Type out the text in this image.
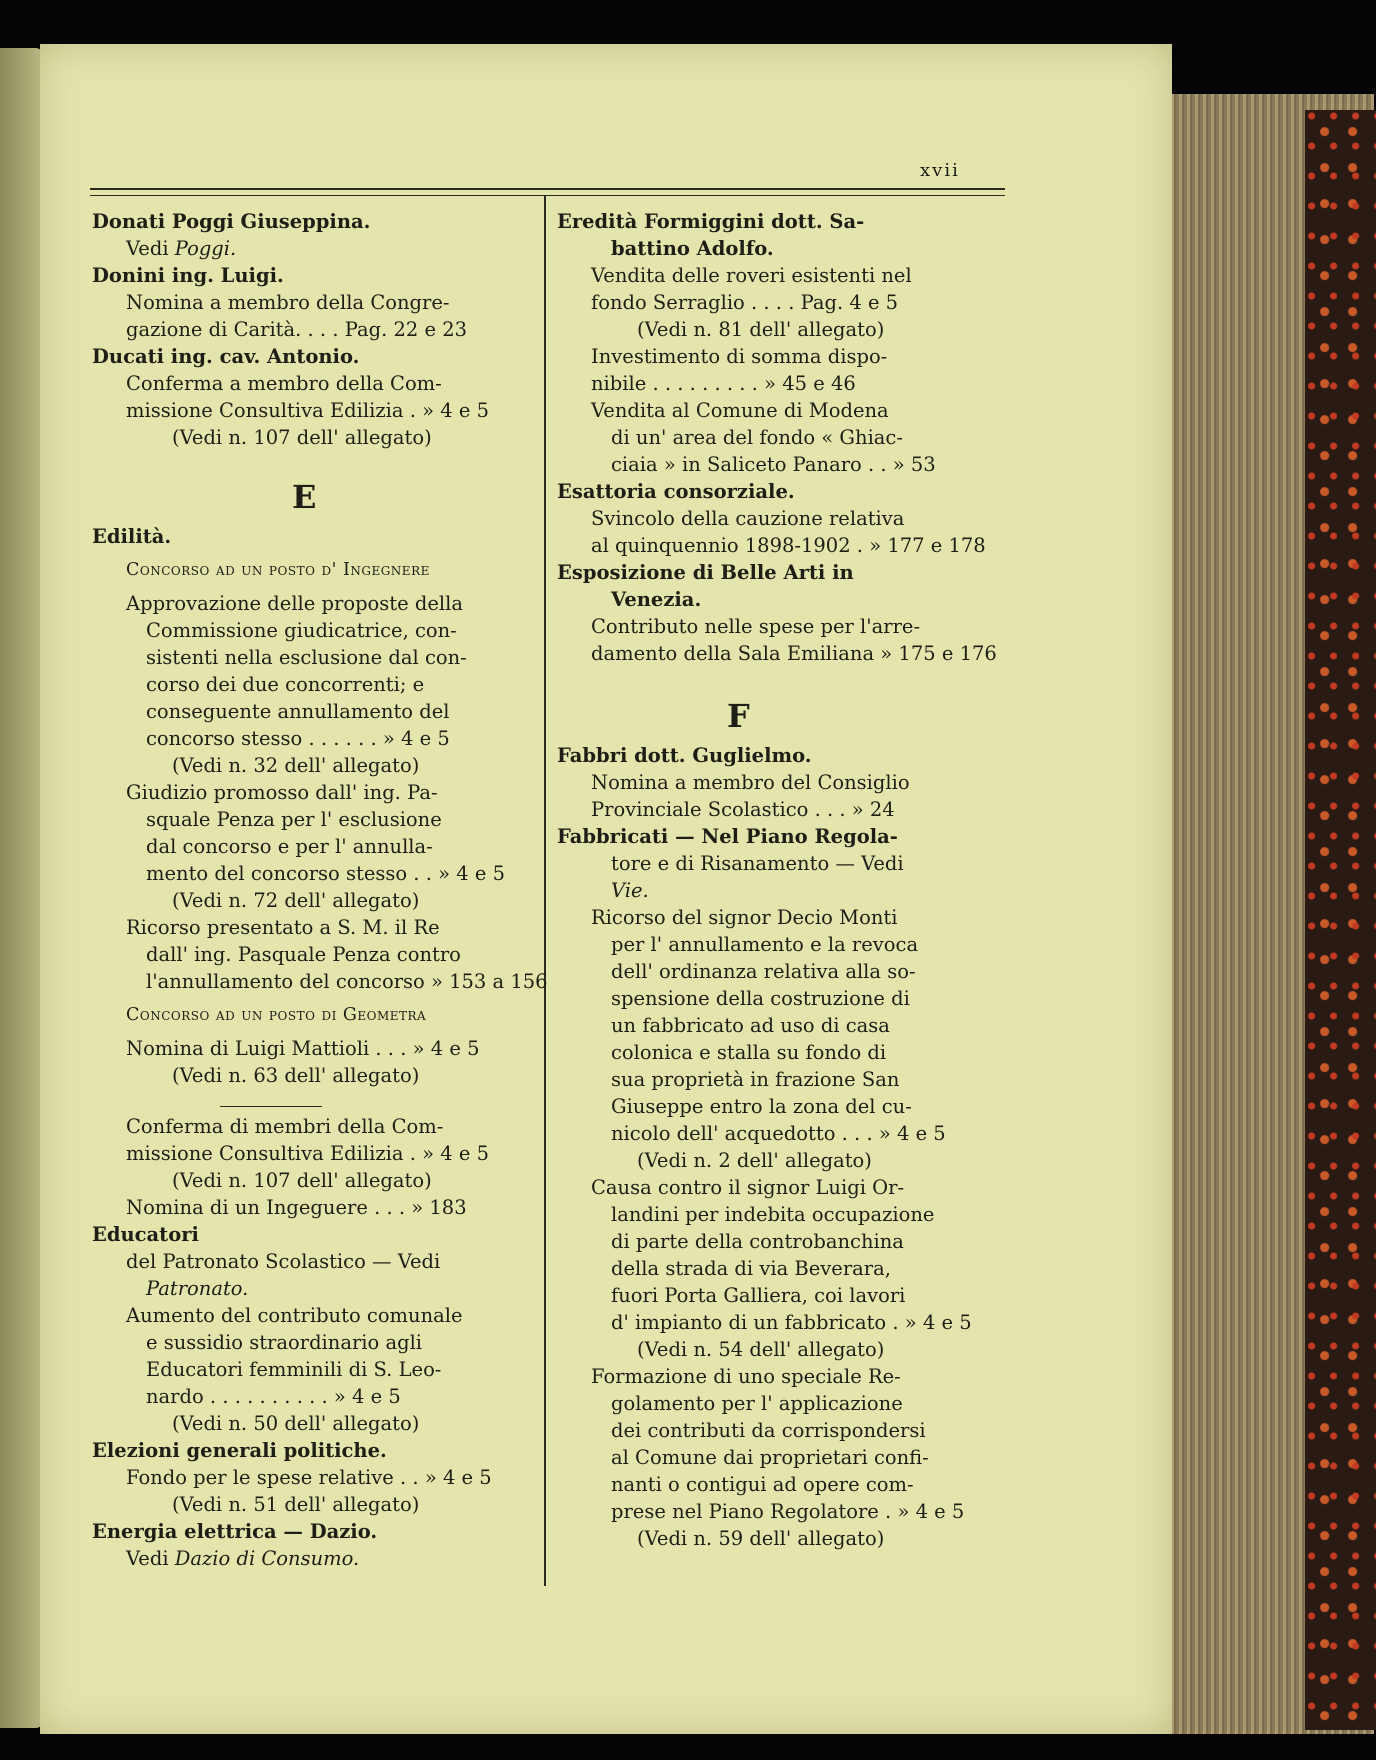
xvii
E
Donati Poggi Giuseppina.
Vedi Poggi.
Donini ing. Luigi.
Nomina a membro della Congre-
gazione di Carità. . . . Pag. 22 e 23
Ducati ing. cav. Antonio.
Conferma a membro della Com-
missione Consultiva Edilizia . » 4 e 5
(Vedi n. 107 dell' allegato)
Edilità.
Concorso ad un posto d' Ingegnere
Approvazione delle proposte della
Commissione giudicatrice, con-
sistenti nella esclusione dal con-
corso dei due concorrenti; e
conseguente annullamento del
concorso stesso . . . . . . » 4 e 5
(Vedi n. 32 dell' allegato)
Giudizio promosso dall' ing. Pa-
squale Penza per l' esclusione
dal concorso e per l' annulla-
mento del concorso stesso . . » 4 e 5
(Vedi n. 72 dell' allegato)
Ricorso presentato a S. M. il Re
dall' ing. Pasquale Penza contro
l'annullamento del concorso » 153 a 156
Concorso ad un posto di Geometra
Nomina di Luigi Mattioli . . . » 4 e 5
(Vedi n. 63 dell' allegato)
Conferma di membri della Com-
missione Consultiva Edilizia . » 4 e 5
(Vedi n. 107 dell' allegato)
Nomina di un Ingeguere . . . » 183
Educatori
del Patronato Scolastico — Vedi
Patronato.
Aumento del contributo comunale
e sussidio straordinario agli
Educatori femminili di S. Leo-
nardo . . . . . . . . . . » 4 e 5
(Vedi n. 50 dell' allegato)
Elezioni generali politiche.
Fondo per le spese relative . . » 4 e 5
(Vedi n. 51 dell' allegato)
Energia elettrica — Dazio.
Vedi Dazio di Consumo.
F
Eredità Formiggini dott. Sa-
battino Adolfo.
Vendita delle roveri esistenti nel
fondo Serraglio . . . . Pag. 4 e 5
(Vedi n. 81 dell' allegato)
Investimento di somma dispo-
nibile . . . . . . . . . » 45 e 46
Vendita al Comune di Modena
di un' area del fondo « Ghiac-
ciaia » in Saliceto Panaro . . » 53
Esattoria consorziale.
Svincolo della cauzione relativa
al quinquennio 1898-1902 . » 177 e 178
Esposizione di Belle Arti in
Venezia.
Contributo nelle spese per l'arre-
damento della Sala Emiliana » 175 e 176
Fabbri dott. Guglielmo.
Nomina a membro del Consiglio
Provinciale Scolastico . . . » 24
Fabbricati — Nel Piano Regola-
tore e di Risanamento — Vedi
Vie.
Ricorso del signor Decio Monti
per l' annullamento e la revoca
dell' ordinanza relativa alla so-
spensione della costruzione di
un fabbricato ad uso di casa
colonica e stalla su fondo di
sua proprietà in frazione San
Giuseppe entro la zona del cu-
nicolo dell' acquedotto . . . » 4 e 5
(Vedi n. 2 dell' allegato)
Causa contro il signor Luigi Or-
landini per indebita occupazione
di parte della controbanchina
della strada di via Beverara,
fuori Porta Galliera, coi lavori
d' impianto di un fabbricato . » 4 e 5
(Vedi n. 54 dell' allegato)
Formazione di uno speciale Re-
golamento per l' applicazione
dei contributi da corrispondersi
al Comune dai proprietari confi-
nanti o contigui ad opere com-
prese nel Piano Regolatore . » 4 e 5
(Vedi n. 59 dell' allegato)
